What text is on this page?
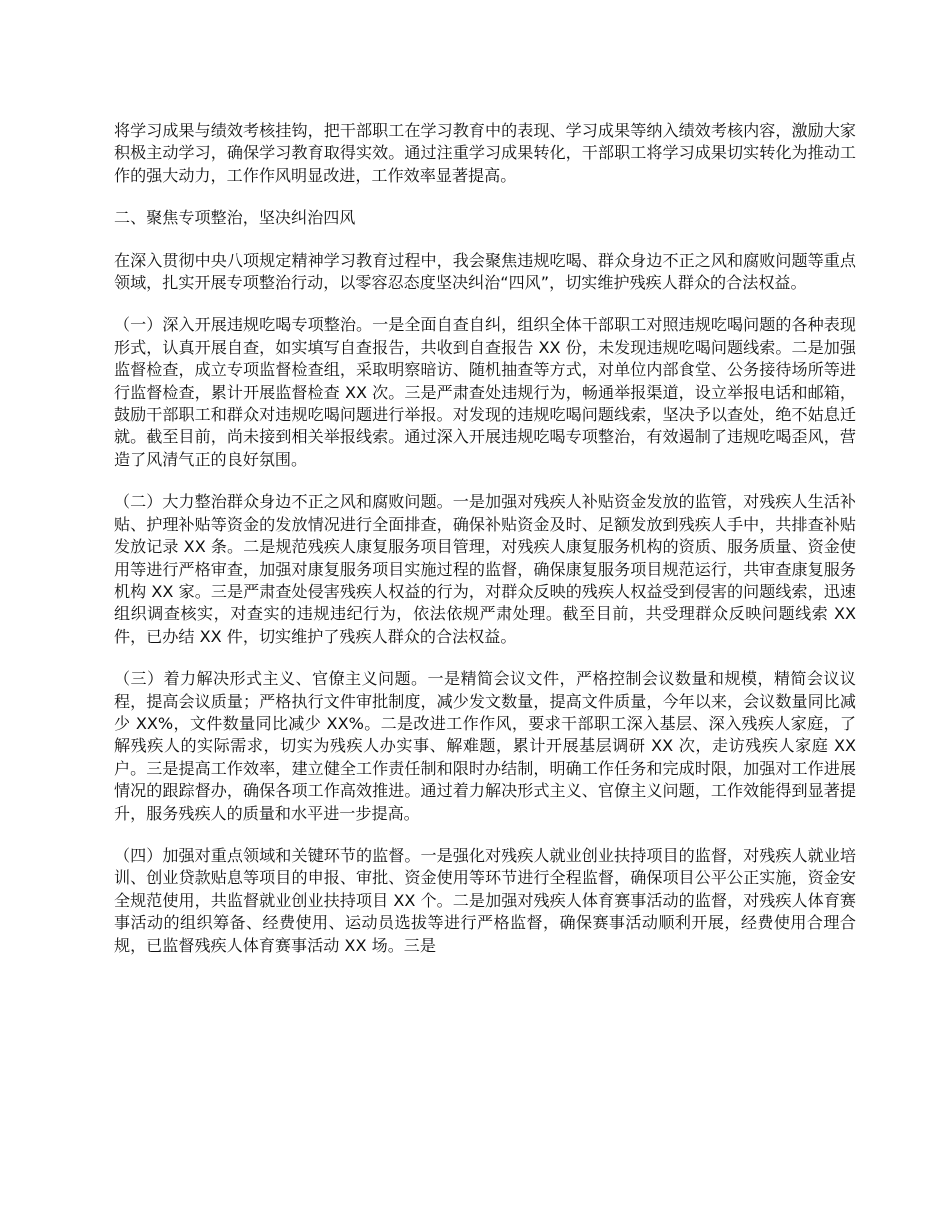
将学习成果与绩效考核挂钩，把干部职工在学习教育中的表现、学习成果等纳入绩效考核内容，激励大家积极主动学习，确保学习教育取得实效。通过注重学习成果转化，干部职工将学习成果切实转化为推动工作的强大动力，工作作风明显改进，工作效率显著提高。

二、聚焦专项整治，坚决纠治四风

在深入贯彻中央八项规定精神学习教育过程中，我会聚焦违规吃喝、群众身边不正之风和腐败问题等重点领域，扎实开展专项整治行动，以零容忍态度坚决纠治“四风”，切实维护残疾人群众的合法权益。

（一）深入开展违规吃喝专项整治。一是全面自查自纠，组织全体干部职工对照违规吃喝问题的各种表现形式，认真开展自查，如实填写自查报告，共收到自查报告 XX 份，未发现违规吃喝问题线索。二是加强监督检查，成立专项监督检查组，采取明察暗访、随机抽查等方式，对单位内部食堂、公务接待场所等进行监督检查，累计开展监督检查 XX 次。三是严肃查处违规行为，畅通举报渠道，设立举报电话和邮箱，鼓励干部职工和群众对违规吃喝问题进行举报。对发现的违规吃喝问题线索，坚决予以查处，绝不姑息迁就。截至目前，尚未接到相关举报线索。通过深入开展违规吃喝专项整治，有效遏制了违规吃喝歪风，营造了风清气正的良好氛围。

（二）大力整治群众身边不正之风和腐败问题。一是加强对残疾人补贴资金发放的监管，对残疾人生活补贴、护理补贴等资金的发放情况进行全面排查，确保补贴资金及时、足额发放到残疾人手中，共排查补贴发放记录 XX 条。二是规范残疾人康复服务项目管理，对残疾人康复服务机构的资质、服务质量、资金使用等进行严格审查，加强对康复服务项目实施过程的监督，确保康复服务项目规范运行，共审查康复服务机构 XX 家。三是严肃查处侵害残疾人权益的行为，对群众反映的残疾人权益受到侵害的问题线索，迅速组织调查核实，对查实的违规违纪行为，依法依规严肃处理。截至目前，共受理群众反映问题线索 XX 件，已办结 XX 件，切实维护了残疾人群众的合法权益。

（三）着力解决形式主义、官僚主义问题。一是精简会议文件，严格控制会议数量和规模，精简会议议程，提高会议质量；严格执行文件审批制度，减少发文数量，提高文件质量，今年以来，会议数量同比减少 XX%，文件数量同比减少 XX%。二是改进工作作风，要求干部职工深入基层、深入残疾人家庭，了解残疾人的实际需求，切实为残疾人办实事、解难题，累计开展基层调研 XX 次，走访残疾人家庭 XX 户。三是提高工作效率，建立健全工作责任制和限时办结制，明确工作任务和完成时限，加强对工作进展情况的跟踪督办，确保各项工作高效推进。通过着力解决形式主义、官僚主义问题，工作效能得到显著提升，服务残疾人的质量和水平进一步提高。

（四）加强对重点领域和关键环节的监督。一是强化对残疾人就业创业扶持项目的监督，对残疾人就业培训、创业贷款贴息等项目的申报、审批、资金使用等环节进行全程监督，确保项目公平公正实施，资金安全规范使用，共监督就业创业扶持项目 XX 个。二是加强对残疾人体育赛事活动的监督，对残疾人体育赛事活动的组织筹备、经费使用、运动员选拔等进行严格监督，确保赛事活动顺利开展，经费使用合理合规，已监督残疾人体育赛事活动 XX 场。三是
